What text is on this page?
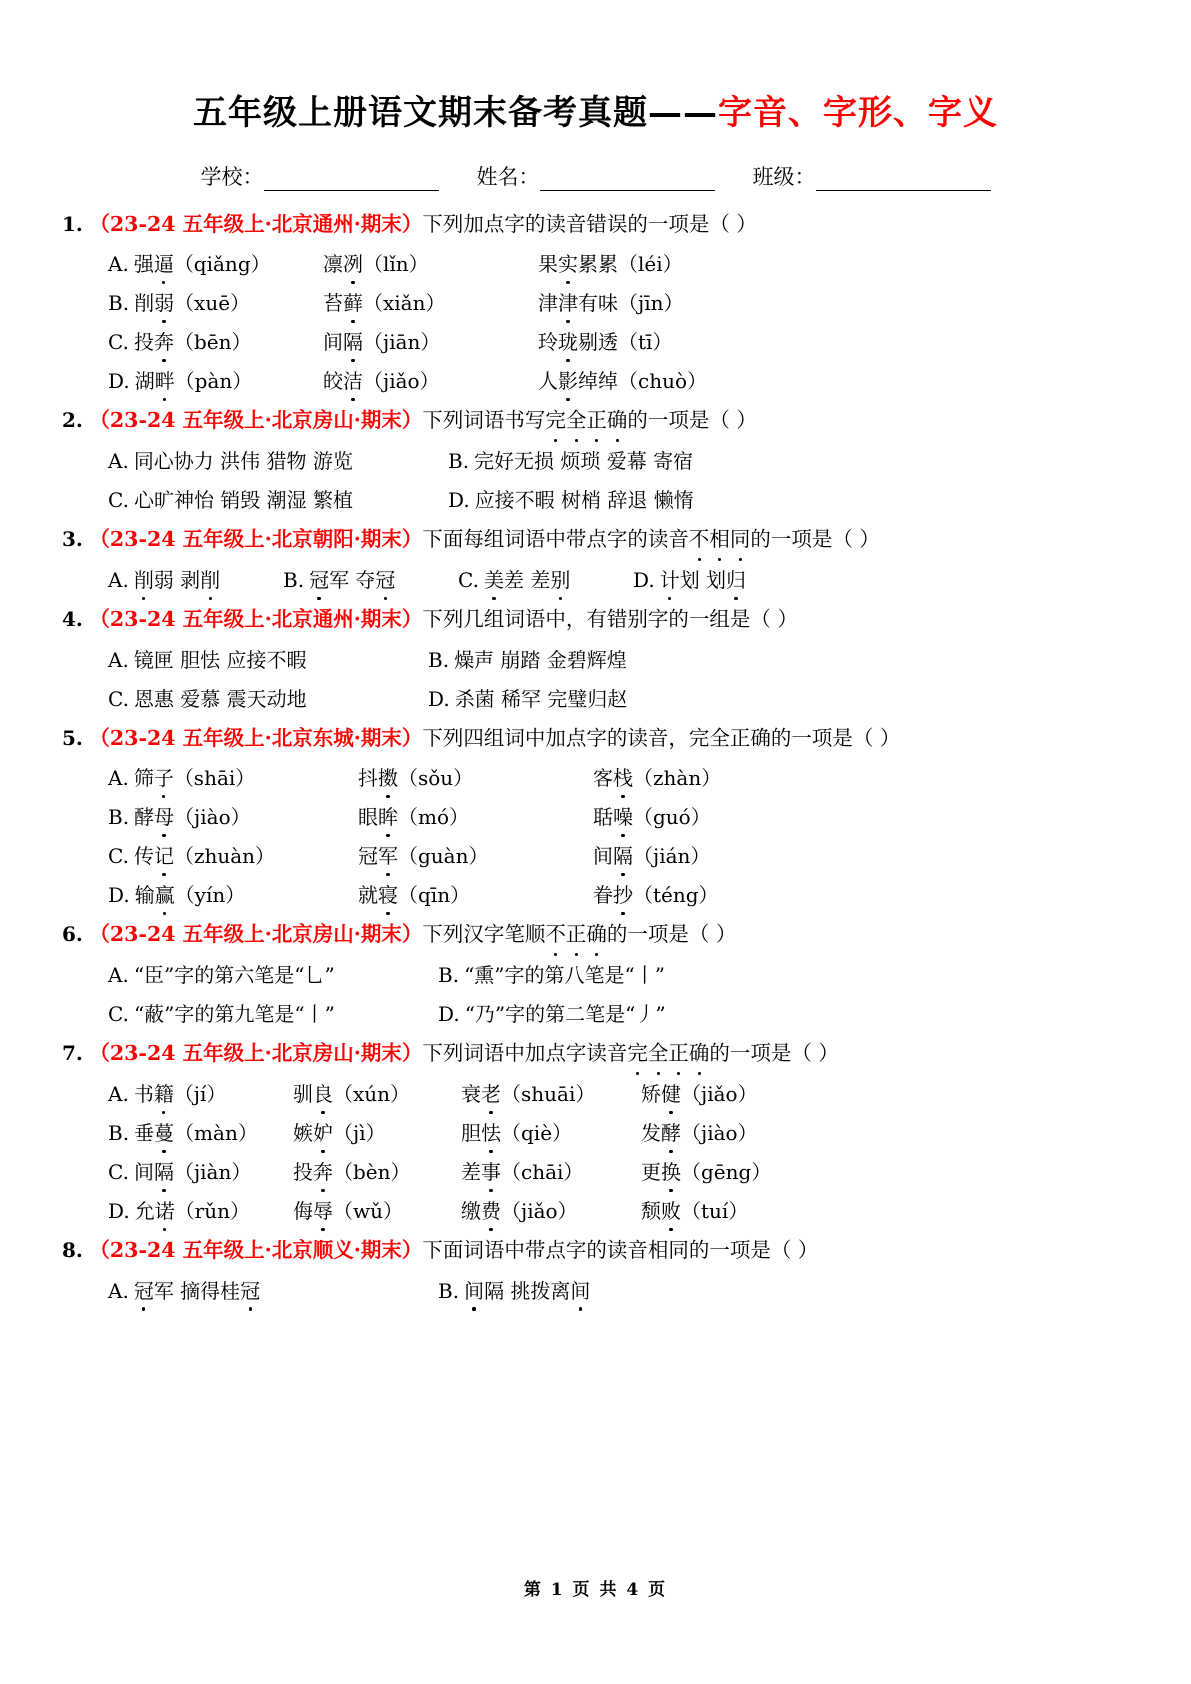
五年级上册语文期末备考真题——字音、字形、字义
学校：	姓名：	班级：

1. （23-24 五年级上·北京通州·期末）下列加点字的读音错误的一项是（ ）

A. 强逼（qiǎng）	凛冽（lǐn）	果实累累（léi）
B. 削弱（xuē）	苔藓（xiǎn）	津津有味（jīn）
C. 投奔（bēn）	间隔（jiān）	玲珑剔透（tī）
D. 湖畔（pàn）	皎洁（jiǎo）	人影绰绰（chuò）

2. （23-24 五年级上·北京房山·期末）下列词语书写完全正确的一项是（ ）

A. 同心协力 洪伟 猎物 游览	B. 完好无损 烦琐 爱幕 寄宿
C. 心旷神怡 销毁 潮湿 繁植	D. 应接不暇 树梢 辞退 懒惰

3. （23-24 五年级上·北京朝阳·期末）下面每组词语中带点字的读音不相同的一项是（ ）

A. 削弱 剥削	B. 冠军 夺冠	C. 美差 差别	D. 计划 划归

4. （23-24 五年级上·北京通州·期末）下列几组词语中，有错别字的一组是（ ）

A. 镜匣 胆怯 应接不暇	B. 燥声 崩踏 金碧辉煌
C. 恩惠 爱慕 震天动地	D. 杀菌 稀罕 完璧归赵

5. （23-24 五年级上·北京东城·期末）下列四组词中加点字的读音，完全正确的一项是（ ）

A. 筛子（shāi）	抖擞（sǒu）	客栈（zhàn）
B. 酵母（jiào）	眼眸（mó）	聒噪（guó）
C. 传记（zhuàn）	冠军（guàn）	间隔（jián）
D. 输赢（yín）	就寝（qīn）	眷抄（téng）

6. （23-24 五年级上·北京房山·期末）下列汉字笔顺不正确的一项是（ ）

A. “臣”字的第六笔是“乚”	B. “熏”字的第八笔是“丨”
C. “蔽”字的第九笔是“丨”	D. “乃”字的第二笔是“丿”

7. （23-24 五年级上·北京房山·期末）下列词语中加点字读音完全正确的一项是（ ）

A. 书籍（jí）	驯良（xún）	衰老（shuāi） 矫健（jiǎo）
B. 垂蔓（màn） 嫉妒（jì）	胆怯（qiè）	发酵（jiào）
C. 间隔（jiàn） 投奔（bèn）	差事（chāi）	更换（gēng）
D. 允诺（rǔn） 侮辱（wǔ）	缴费（jiǎo）	颓败（tuí）

8. （23-24 五年级上·北京顺义·期末）下面词语中带点字的读音相同的一项是（ ）

A. 冠军 摘得桂冠	B. 间隔 挑拨离间
第 1 页 共 4 页
